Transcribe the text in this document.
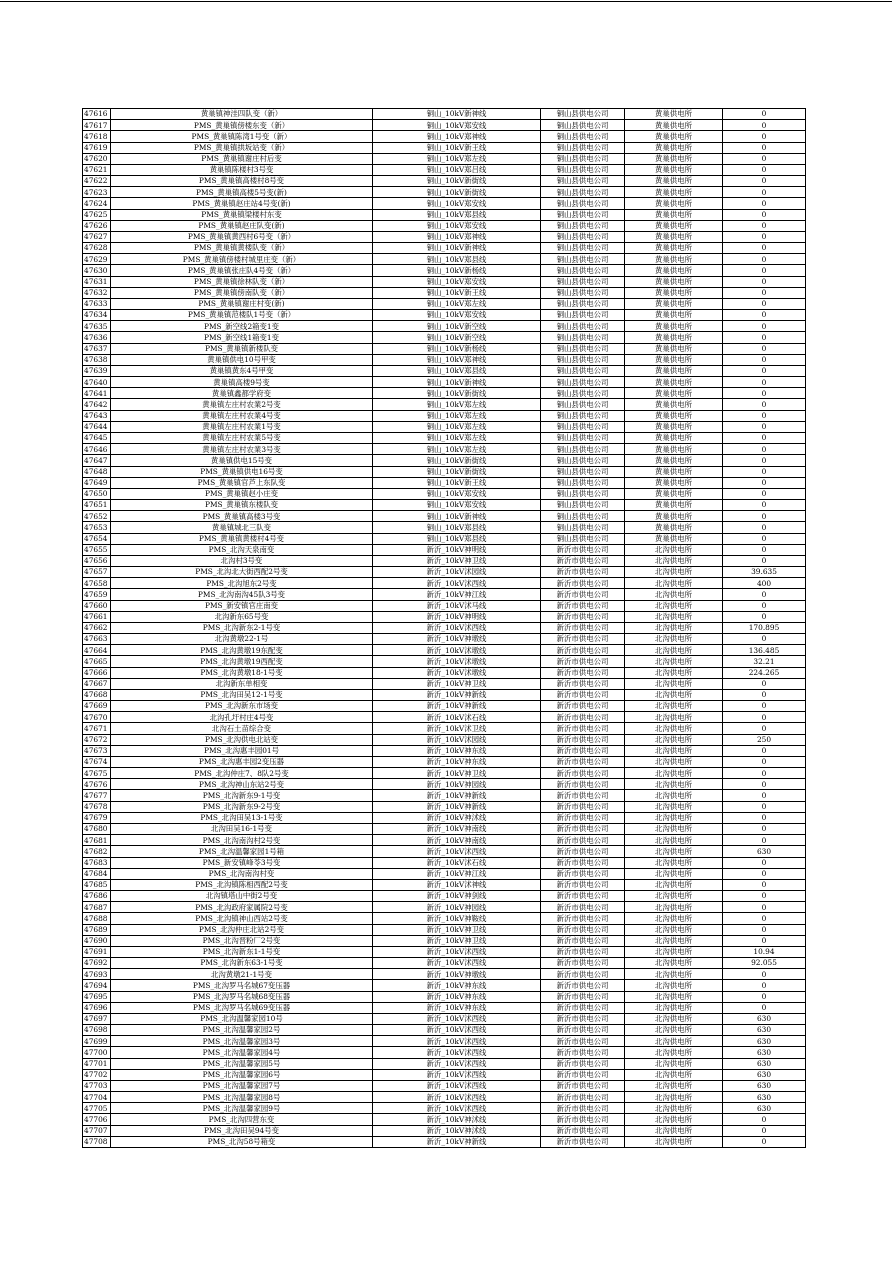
47616	黄巢镇神洼四队变（新）	铜山_10kV新神线	铜山县供电公司	黄巢供电所	0
47617	PMS_黄巢镇傍楼东变（新）	铜山_10kV郑安线	铜山县供电公司	黄巢供电所	0
47618	PMS_黄巢镇陈湾1号变（新）	铜山_10kV郑神线	铜山县供电公司	黄巢供电所	0
47619	PMS_黄巢镇拱坂站变（新）	铜山_10kV新王线	铜山县供电公司	黄巢供电所	0
47620	PMS_黄巢镇谢庄村后变	铜山_10kV郑左线	铜山县供电公司	黄巢供电所	0
47621	黄巢镇陈楼村3号变	铜山_10kV郑吕线	铜山县供电公司	黄巢供电所	0
47622	PMS_黄巢镇高楼村8号变	铜山_10kV新街线	铜山县供电公司	黄巢供电所	0
47623	PMS_黄巢镇高楼5号变(新)	铜山_10kV新街线	铜山县供电公司	黄巢供电所	0
47624	PMS_黄巢镇赵庄站4号变(新)	铜山_10kV郑安线	铜山县供电公司	黄巢供电所	0
47625	PMS_黄巢镇梁楼村东变	铜山_10kV郑县线	铜山县供电公司	黄巢供电所	0
47626	PMS_黄巢镇赵庄队变(新)	铜山_10kV郑安线	铜山县供电公司	黄巢供电所	0
47627	PMS_黄巢镇黄西村6号变（新）	铜山_10kV郑神线	铜山县供电公司	黄巢供电所	0
47628	PMS_黄巢镇黄楼队变（新）	铜山_10kV新神线	铜山县供电公司	黄巢供电所	0
47629	PMS_黄巢镇傍楼村城里庄变（新）	铜山_10kV郑县线	铜山县供电公司	黄巢供电所	0
47630	PMS_黄巢镇张庄队4号变（新）	铜山_10kV新杨线	铜山县供电公司	黄巢供电所	0
47631	PMS_黄巢镇徐林队变（新）	铜山_10kV郑安线	铜山县供电公司	黄巢供电所	0
47632	PMS_黄巢镇傍南队变（新）	铜山_10kV新王线	铜山县供电公司	黄巢供电所	0
47633	PMS_黄巢镇谢庄村变(新)	铜山_10kV郑左线	铜山县供电公司	黄巢供电所	0
47634	PMS_黄巢镇范楼队1号变（新）	铜山_10kV郑安线	铜山县供电公司	黄巢供电所	0
47635	PMS_新空线2箱变1变	铜山_10kV新空线	铜山县供电公司	黄巢供电所	0
47636	PMS_新空线1箱变1变	铜山_10kV新空线	铜山县供电公司	黄巢供电所	0
47637	PMS_黄巢镇新楼队变	铜山_10kV新杨线	铜山县供电公司	黄巢供电所	0
47638	黄巢镇供电10号甲变	铜山_10kV郑神线	铜山县供电公司	黄巢供电所	0
47639	黄巢镇黄东4号甲变	铜山_10kV郑县线	铜山县供电公司	黄巢供电所	0
47640	黄巢镇高楼9号变	铜山_10kV新神线	铜山县供电公司	黄巢供电所	0
47641	黄巢镇鑫都学府变	铜山_10kV新街线	铜山县供电公司	黄巢供电所	0
47642	黄巢镇左庄村农業2号变	铜山_10kV郑左线	铜山县供电公司	黄巢供电所	0
47643	黄巢镇左庄村农業4号变	铜山_10kV郑左线	铜山县供电公司	黄巢供电所	0
47644	黄巢镇左庄村农業1号变	铜山_10kV郑左线	铜山县供电公司	黄巢供电所	0
47645	黄巢镇左庄村农業5号变	铜山_10kV郑左线	铜山县供电公司	黄巢供电所	0
47646	黄巢镇左庄村农業3号变	铜山_10kV郑左线	铜山县供电公司	黄巢供电所	0
47647	黄巢镇供电15号变	铜山_10kV新街线	铜山县供电公司	黄巢供电所	0
47648	PMS_黄巢镇供电16号变	铜山_10kV新街线	铜山县供电公司	黄巢供电所	0
47649	PMS_黄巢镇官芦上东队变	铜山_10kV新王线	铜山县供电公司	黄巢供电所	0
47650	PMS_黄巢镇赵小庄变	铜山_10kV郑安线	铜山县供电公司	黄巢供电所	0
47651	PMS_黄巢镇东楼队变	铜山_10kV郑安线	铜山县供电公司	黄巢供电所	0
47652	PMS_黄巢镇高楼3号变	铜山_10kV新神线	铜山县供电公司	黄巢供电所	0
47653	黄巢镇城北三队变	铜山_10kV郑县线	铜山县供电公司	黄巢供电所	0
47654	PMS_黄巢镇黄楼村4号变	铜山_10kV郑县线	铜山县供电公司	黄巢供电所	0
47655	PMS_北沟天泉南变	新沂_10kV神明线	新沂市供电公司	北沟供电所	0
47656	北沟村3号变	新沂_10kV神卫线	新沂市供电公司	北沟供电所	0
47657	PMS_北沟北大街西配2号变	新沂_10kV沭园线	新沂市供电公司	北沟供电所	39.635
47658	PMS_北沟旭东2号变	新沂_10kV沭西线	新沂市供电公司	北沟供电所	400
47659	PMS_北沟南沟45队3号变	新沂_10kV神江线	新沂市供电公司	北沟供电所	0
47660	PMS_新安镇官庄南变	新沂_10kV沭马线	新沂市供电公司	北沟供电所	0
47661	北沟新东65号变	新沂_10kV神明线	新沂市供电公司	北沟供电所	0
47662	PMS_北沟新东2-1号变	新沂_10kV沭西线	新沂市供电公司	北沟供电所	170.895
47663	北沟黄墩22-1号	新沂_10kV神墩线	新沂市供电公司	北沟供电所	0
47664	PMS_北沟黄墩19东配变	新沂_10kV沭墩线	新沂市供电公司	北沟供电所	136.485
47665	PMS_北沟黄墩19西配变	新沂_10kV沭墩线	新沂市供电公司	北沟供电所	32.21
47666	PMS_北沟黄墩18-1号变	新沂_10kV沭墩线	新沂市供电公司	北沟供电所	224.265
47667	北沟新东单相变	新沂_10kV神卫线	新沂市供电公司	北沟供电所	0
47668	PMS_北沟田吴12-1号变	新沂_10kV神新线	新沂市供电公司	北沟供电所	0
47669	PMS_北沟新东市场变	新沂_10kV神新线	新沂市供电公司	北沟供电所	0
47670	北沟孔圩村庄4号变	新沂_10kV沭石线	新沂市供电公司	北沟供电所	0
47671	北沟石土苗综合变	新沂_10kV沭卫线	新沂市供电公司	北沟供电所	0
47672	PMS_北沟供电北站变	新沂_10kV沭园线	新沂市供电公司	北沟供电所	250
47673	PMS_北沟惠丰园01号	新沂_10kV神东线	新沂市供电公司	北沟供电所	0
47674	PMS_北沟惠丰园2变压器	新沂_10kV神东线	新沂市供电公司	北沟供电所	0
47675	PMS_北沟仲庄7、8队2号变	新沂_10kV神卫线	新沂市供电公司	北沟供电所	0
47676	PMS_北沟神山东站2号变	新沂_10kV神园线	新沂市供电公司	北沟供电所	0
47677	PMS_北沟新东9-1号变	新沂_10kV神新线	新沂市供电公司	北沟供电所	0
47678	PMS_北沟新东9-2号变	新沂_10kV神新线	新沂市供电公司	北沟供电所	0
47679	PMS_北沟田吴13-1号变	新沂_10kV神沭线	新沂市供电公司	北沟供电所	0
47680	北沟田吴16-1号变	新沂_10kV神南线	新沂市供电公司	北沟供电所	0
47681	PMS_北沟南沟村2号变	新沂_10kV神南线	新沂市供电公司	北沟供电所	0
47682	PMS_北沟温馨家园1号箱	新沂_10kV沭西线	新沂市供电公司	北沟供电所	630
47683	PMS_新安镇峰苓3号变	新沂_10kV沭石线	新沂市供电公司	北沟供电所	0
47684	PMS_北沟南沟村变	新沂_10kV神江线	新沂市供电公司	北沟供电所	0
47685	PMS_北沟镇陈相西配2号变	新沂_10kV沭神线	新沂市供电公司	北沟供电所	0
47686	北沟镇塔山中街2号变	新沂_10kV神剑线	新沂市供电公司	北沟供电所	0
47687	PMS_北沟政府家属院2号变	新沂_10kV神园线	新沂市供电公司	北沟供电所	0
47688	PMS_北沟镇神山西站2号变	新沂_10kV神鞍线	新沂市供电公司	北沟供电所	0
47689	PMS_北沟仲庄北站2号变	新沂_10kV神卫线	新沂市供电公司	北沟供电所	0
47690	PMS_北沟晋粉厂2号变	新沂_10kV神卫线	新沂市供电公司	北沟供电所	0
47691	PMS_北沟新东1-1号变	新沂_10kV沭西线	新沂市供电公司	北沟供电所	10.94
47692	PMS_北沟新东63-1号变	新沂_10kV沭西线	新沂市供电公司	北沟供电所	92.055
47693	北沟黄墩21-1号变	新沂_10kV神墩线	新沂市供电公司	北沟供电所	0
47694	PMS_北沟罗马名城67变压器	新沂_10kV神东线	新沂市供电公司	北沟供电所	0
47695	PMS_北沟罗马名城68变压器	新沂_10kV神东线	新沂市供电公司	北沟供电所	0
47696	PMS_北沟罗马名城69变压器	新沂_10kV神东线	新沂市供电公司	北沟供电所	0
47697	PMS_北沟温馨家园10号	新沂_10kV沭西线	新沂市供电公司	北沟供电所	630
47698	PMS_北沟温馨家园2号	新沂_10kV沭西线	新沂市供电公司	北沟供电所	630
47699	PMS_北沟温馨家园3号	新沂_10kV沭西线	新沂市供电公司	北沟供电所	630
47700	PMS_北沟温馨家园4号	新沂_10kV沭西线	新沂市供电公司	北沟供电所	630
47701	PMS_北沟温馨家园5号	新沂_10kV沭西线	新沂市供电公司	北沟供电所	630
47702	PMS_北沟温馨家园6号	新沂_10kV沭西线	新沂市供电公司	北沟供电所	630
47703	PMS_北沟温馨家园7号	新沂_10kV沭西线	新沂市供电公司	北沟供电所	630
47704	PMS_北沟温馨家园8号	新沂_10kV沭西线	新沂市供电公司	北沟供电所	630
47705	PMS_北沟温馨家园9号	新沂_10kV沭西线	新沂市供电公司	北沟供电所	630
47706	PMS_北沟四营东变	新沂_10kV神沭线	新沂市供电公司	北沟供电所	0
47707	PMS_北沟田吴94号变	新沂_10kV神沭线	新沂市供电公司	北沟供电所	0
47708	PMS_北沟58号箱变	新沂_10kV神新线	新沂市供电公司	北沟供电所	0
